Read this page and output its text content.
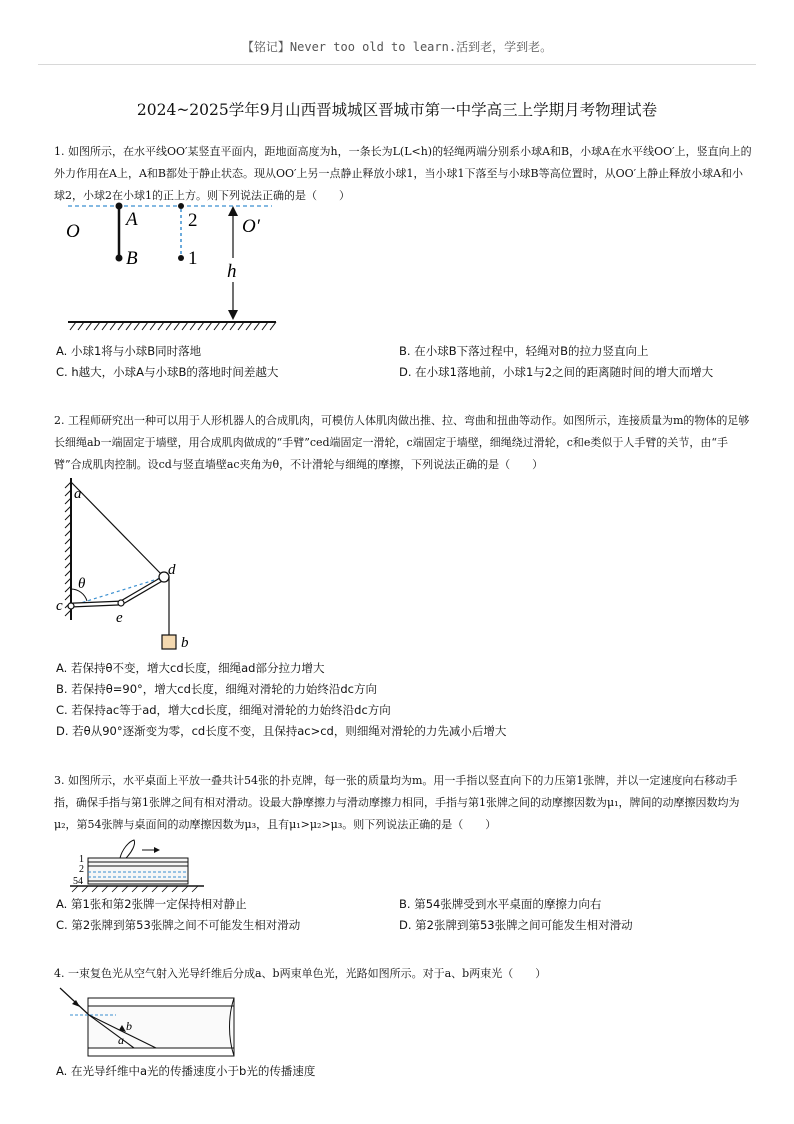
【铭记】Never too old to learn.活到老，学到老。
2024~2025学年9月山西晋城城区晋城市第一中学高三上学期月考物理试卷
1. 如图所示，在水平线OO′某竖直平面内，距地面高度为h，一条长为L(L<h)的轻绳两端分别系小球A和B，小球A在水平线OO′上，竖直向上的外力作用在A上，A和B都处于静止状态。现从OO′上另一点静止释放小球1，当小球1下落至与小球B等高位置时，从OO′上静止释放小球A和小球2，小球2在小球1的正上方。则下列说法正确的是（　　）
O
A
B
2
1
O′
h
A. 小球1将与小球B同时落地	B. 在小球B下落过程中，轻绳对B的拉力竖直向上
C. h越大，小球A与小球B的落地时间差越大	D. 在小球1落地前，小球1与2之间的距离随时间的增大而增大
2. 工程师研究出一种可以用于人形机器人的合成肌肉，可模仿人体肌肉做出推、拉、弯曲和扭曲等动作。如图所示，连接质量为m的物体的足够长细绳ab一端固定于墙壁，用合成肌肉做成的“手臂”ced端固定一滑轮，c端固定于墙壁，细绳绕过滑轮，c和e类似于人手臂的关节，由“手臂”合成肌肉控制。设cd与竖直墙壁ac夹角为θ，不计滑轮与细绳的摩擦，下列说法正确的是（　　）
a
θ
c
d
e
b
A. 若保持θ不变，增大cd长度，细绳ad部分拉力增大
B. 若保持θ=90°，增大cd长度，细绳对滑轮的力始终沿dc方向
C. 若保持ac等于ad，增大cd长度，细绳对滑轮的力始终沿dc方向
D. 若θ从90°逐渐变为零，cd长度不变，且保持ac>cd，则细绳对滑轮的力先减小后增大
3. 如图所示，水平桌面上平放一叠共计54张的扑克牌，每一张的质量均为m。用一手指以竖直向下的力压第1张牌，并以一定速度向右移动手指，确保手指与第1张牌之间有相对滑动。设最大静摩擦力与滑动摩擦力相同，手指与第1张牌之间的动摩擦因数为μ₁，牌间的动摩擦因数均为μ₂，第54张牌与桌面间的动摩擦因数为μ₃，且有μ₁>μ₂>μ₃。则下列说法正确的是（　　）
1
2
54
A. 第1张和第2张牌一定保持相对静止	B. 第54张牌受到水平桌面的摩擦力向右
C. 第2张牌到第53张牌之间不可能发生相对滑动	D. 第2张牌到第53张牌之间可能发生相对滑动
4. 一束复色光从空气射入光导纤维后分成a、b两束单色光，光路如图所示。对于a、b两束光（　　）
b
a
A. 在光导纤维中a光的传播速度小于b光的传播速度
